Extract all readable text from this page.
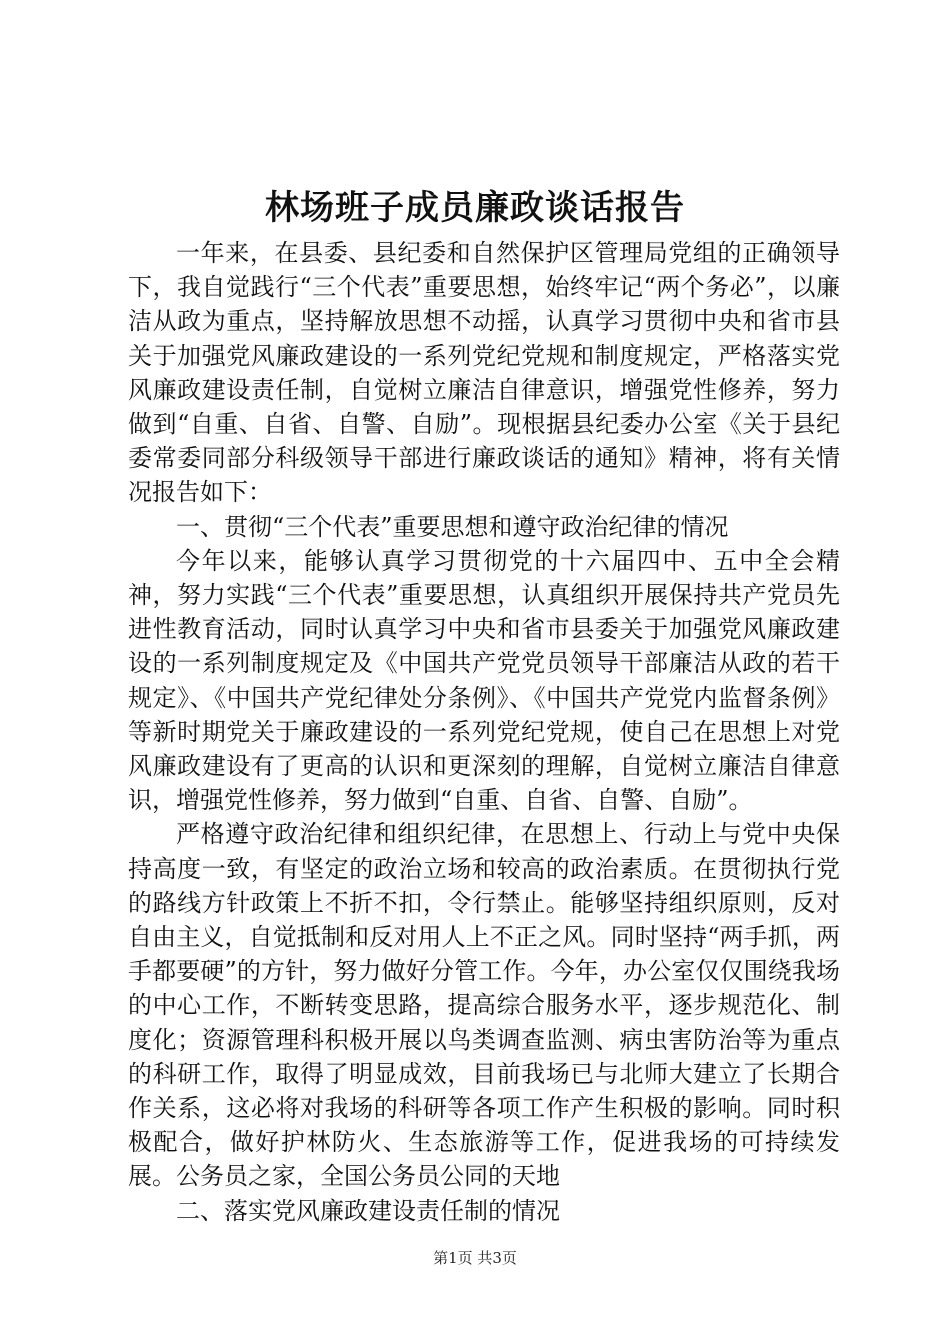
林场班子成员廉政谈话报告

一年来，在县委、县纪委和自然保护区管理局党组的正确领导下，我自觉践行“三个代表”重要思想，始终牢记“两个务必”，以廉洁从政为重点，坚持解放思想不动摇，认真学习贯彻中央和省市县关于加强党风廉政建设的一系列党纪党规和制度规定，严格落实党风廉政建设责任制，自觉树立廉洁自律意识，增强党性修养，努力做到“自重、自省、自警、自励”。现根据县纪委办公室《关于县纪委常委同部分科级领导干部进行廉政谈话的通知》精神，将有关情况报告如下：

一、贯彻“三个代表”重要思想和遵守政治纪律的情况

今年以来，能够认真学习贯彻党的十六届四中、五中全会精神，努力实践“三个代表”重要思想，认真组织开展保持共产党员先进性教育活动，同时认真学习中央和省市县委关于加强党风廉政建设的一系列制度规定及《中国共产党党员领导干部廉洁从政的若干规定》、《中国共产党纪律处分条例》、《中国共产党党内监督条例》等新时期党关于廉政建设的一系列党纪党规，使自己在思想上对党风廉政建设有了更高的认识和更深刻的理解，自觉树立廉洁自律意识，增强党性修养，努力做到“自重、自省、自警、自励”。

严格遵守政治纪律和组织纪律，在思想上、行动上与党中央保持高度一致，有坚定的政治立场和较高的政治素质。在贯彻执行党的路线方针政策上不折不扣，令行禁止。能够坚持组织原则，反对自由主义，自觉抵制和反对用人上不正之风。同时坚持“两手抓，两手都要硬”的方针，努力做好分管工作。今年，办公室仅仅围绕我场的中心工作，不断转变思路，提高综合服务水平，逐步规范化、制度化；资源管理科积极开展以鸟类调查监测、病虫害防治等为重点的科研工作，取得了明显成效，目前我场已与北师大建立了长期合作关系，这必将对我场的科研等各项工作产生积极的影响。同时积极配合，做好护林防火、生态旅游等工作，促进我场的可持续发展。公务员之家，全国公务员公同的天地

二、落实党风廉政建设责任制的情况

第1页 共3页
